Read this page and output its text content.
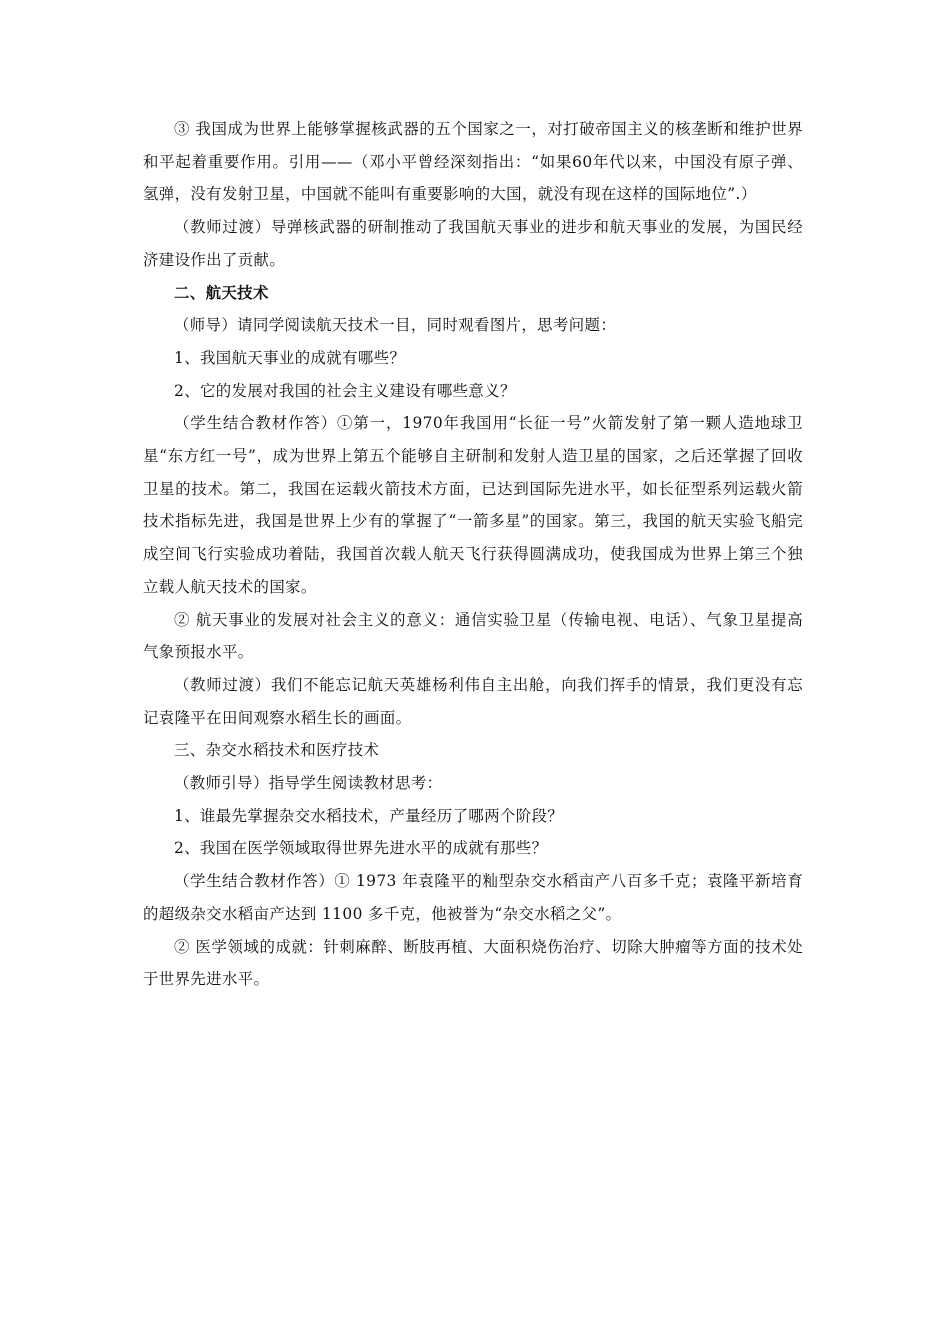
③ 我国成为世界上能够掌握核武器的五个国家之一，对打破帝国主义的核垄断和维护世界和平起着重要作用。引用——（邓小平曾经深刻指出：“如果60年代以来，中国没有原子弹、氢弹，没有发射卫星，中国就不能叫有重要影响的大国，就没有现在这样的国际地位”.）

（教师过渡）导弹核武器的研制推动了我国航天事业的进步和航天事业的发展，为国民经济建设作出了贡献。

二、航天技术

（师导）请同学阅读航天技术一目，同时观看图片，思考问题：

1、我国航天事业的成就有哪些？

2、它的发展对我国的社会主义建设有哪些意义？

（学生结合教材作答）①第一，1970年我国用“长征一号”火箭发射了第一颗人造地球卫星“东方红一号”，成为世界上第五个能够自主研制和发射人造卫星的国家，之后还掌握了回收卫星的技术。第二，我国在运载火箭技术方面，已达到国际先进水平，如长征型系列运载火箭技术指标先进，我国是世界上少有的掌握了“一箭多星”的国家。第三，我国的航天实验飞船完成空间飞行实验成功着陆，我国首次载人航天飞行获得圆满成功，使我国成为世界上第三个独立载人航天技术的国家。

② 航天事业的发展对社会主义的意义：通信实验卫星（传输电视、电话）、气象卫星提高气象预报水平。

（教师过渡）我们不能忘记航天英雄杨利伟自主出舱，向我们挥手的情景，我们更没有忘记袁隆平在田间观察水稻生长的画面。

三、杂交水稻技术和医疗技术

（教师引导）指导学生阅读教材思考：

1、谁最先掌握杂交水稻技术，产量经历了哪两个阶段？

2、我国在医学领域取得世界先进水平的成就有那些？

（学生结合教材作答）① 1973 年袁隆平的籼型杂交水稻亩产八百多千克；袁隆平新培育的超级杂交水稻亩产达到 1100 多千克，他被誉为“杂交水稻之父”。

② 医学领域的成就：针刺麻醉、断肢再植、大面积烧伤治疗、切除大肿瘤等方面的技术处于世界先进水平。
